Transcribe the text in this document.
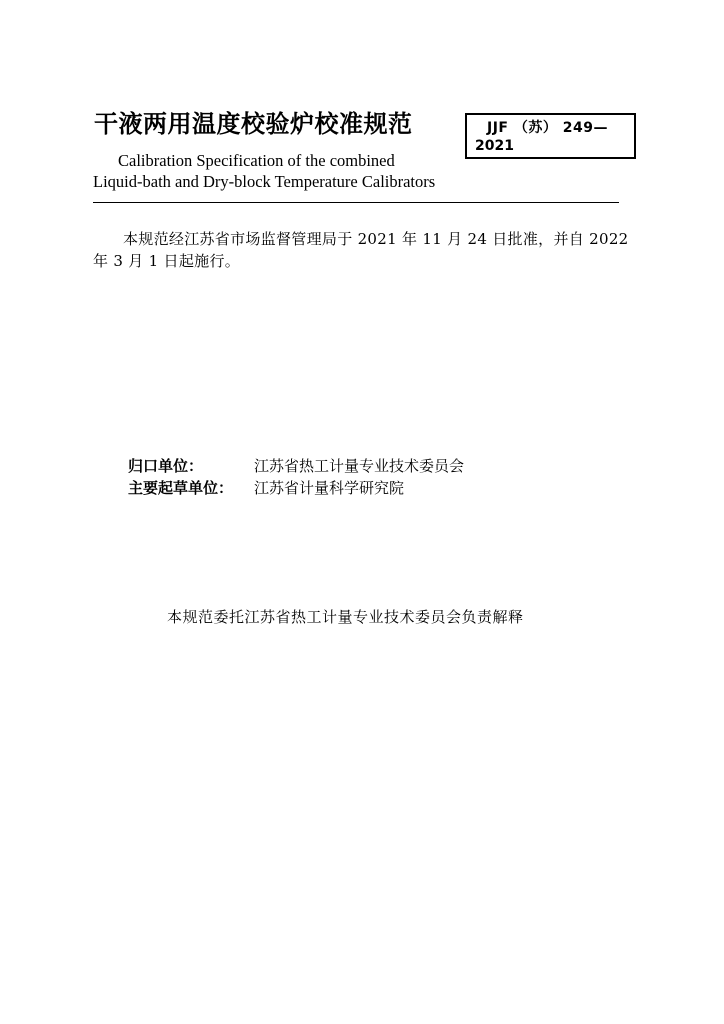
干液两用温度校验炉校准规范	JJF （苏） 249—
2021

Calibration Specification of the combined
Liquid-bath and Dry-block Temperature Calibrators

本规范经江苏省市场监督管理局于 2021 年 11 月 24 日批准，并自 2022 年 3 月 1 日起施行。

归口单位：	江苏省热工计量专业技术委员会
主要起草单位： 江苏省计量科学研究院

本规范委托江苏省热工计量专业技术委员会负责解释
